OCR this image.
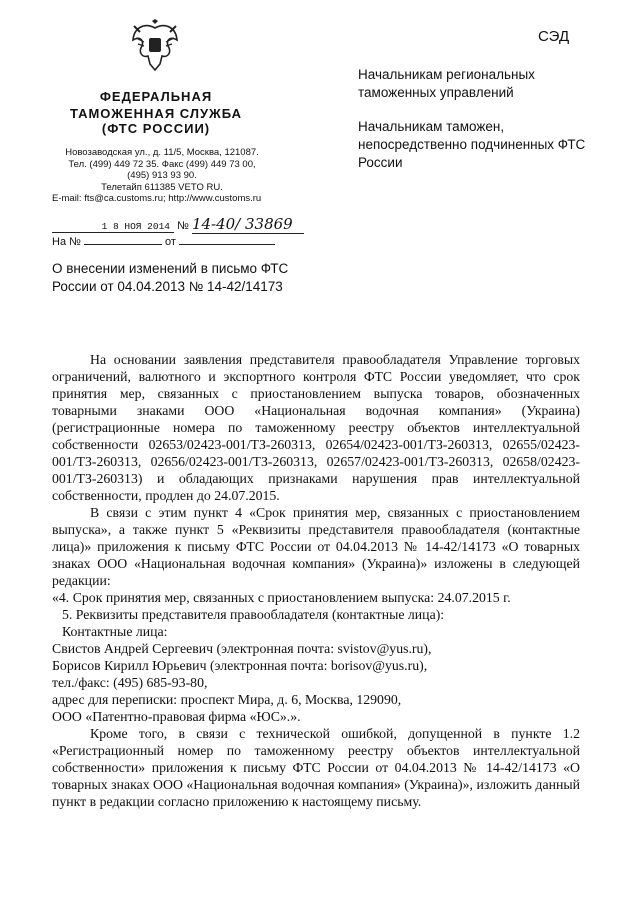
СЭД
ФЕДЕРАЛЬНАЯ
ТАМОЖЕННАЯ СЛУЖБА
(ФТС РОССИИ)
Новозаводская ул., д. 11/5, Москва, 121087.
Тел. (499) 449 72 35. Факс (499) 449 73 00,
(495) 913 93 90.
Телетайп 611385 VETO RU.
E-mail: fts@ca.customs.ru; http://www.customs.ru
1 8 НОЯ 2014 № 14-40/ 33869
На №	от

Начальникам региональных таможенных управлений

Начальникам таможен, непосредственно подчиненных ФТС России

О внесении изменений в письмо ФТС России от 04.04.2013 № 14-42/14173

На основании заявления представителя правообладателя Управление торговых ограничений, валютного и экспортного контроля ФТС России уведомляет, что срок принятия мер, связанных с приостановлением выпуска товаров, обозначенных товарными знаками ООО «Национальная водочная компания» (Украина) (регистрационные номера по таможенному реестру объектов интеллектуальной собственности 02653/02423-001/ТЗ-260313, 02654/02423-001/ТЗ-260313, 02655/02423-001/ТЗ-260313, 02656/02423-001/ТЗ-260313, 02657/02423-001/ТЗ-260313, 02658/02423-001/ТЗ-260313) и обладающих признаками нарушения прав интеллектуальной собственности, продлен до 24.07.2015.

В связи с этим пункт 4 «Срок принятия мер, связанных с приостановлением выпуска», а также пункт 5 «Реквизиты представителя правообладателя (контактные лица)» приложения к письму ФТС России от 04.04.2013 № 14-42/14173 «О товарных знаках ООО «Национальная водочная компания» (Украина)» изложены в следующей редакции:

«4. Срок принятия мер, связанных с приостановлением выпуска: 24.07.2015 г.

5. Реквизиты представителя правообладателя (контактные лица):

Контактные лица:

Свистов Андрей Сергеевич (электронная почта: svistov@yus.ru),

Борисов Кирилл Юрьевич (электронная почта: borisov@yus.ru),

тел./факс: (495) 685-93-80,

адрес для переписки: проспект Мира, д. 6, Москва, 129090,

ООО «Патентно-правовая фирма «ЮС».».

Кроме того, в связи с технической ошибкой, допущенной в пункте 1.2 «Регистрационный номер по таможенному реестру объектов интеллектуальной собственности» приложения к письму ФТС России от 04.04.2013 № 14-42/14173 «О товарных знаках ООО «Национальная водочная компания» (Украина)», изложить данный пункт в редакции согласно приложению к настоящему письму.
